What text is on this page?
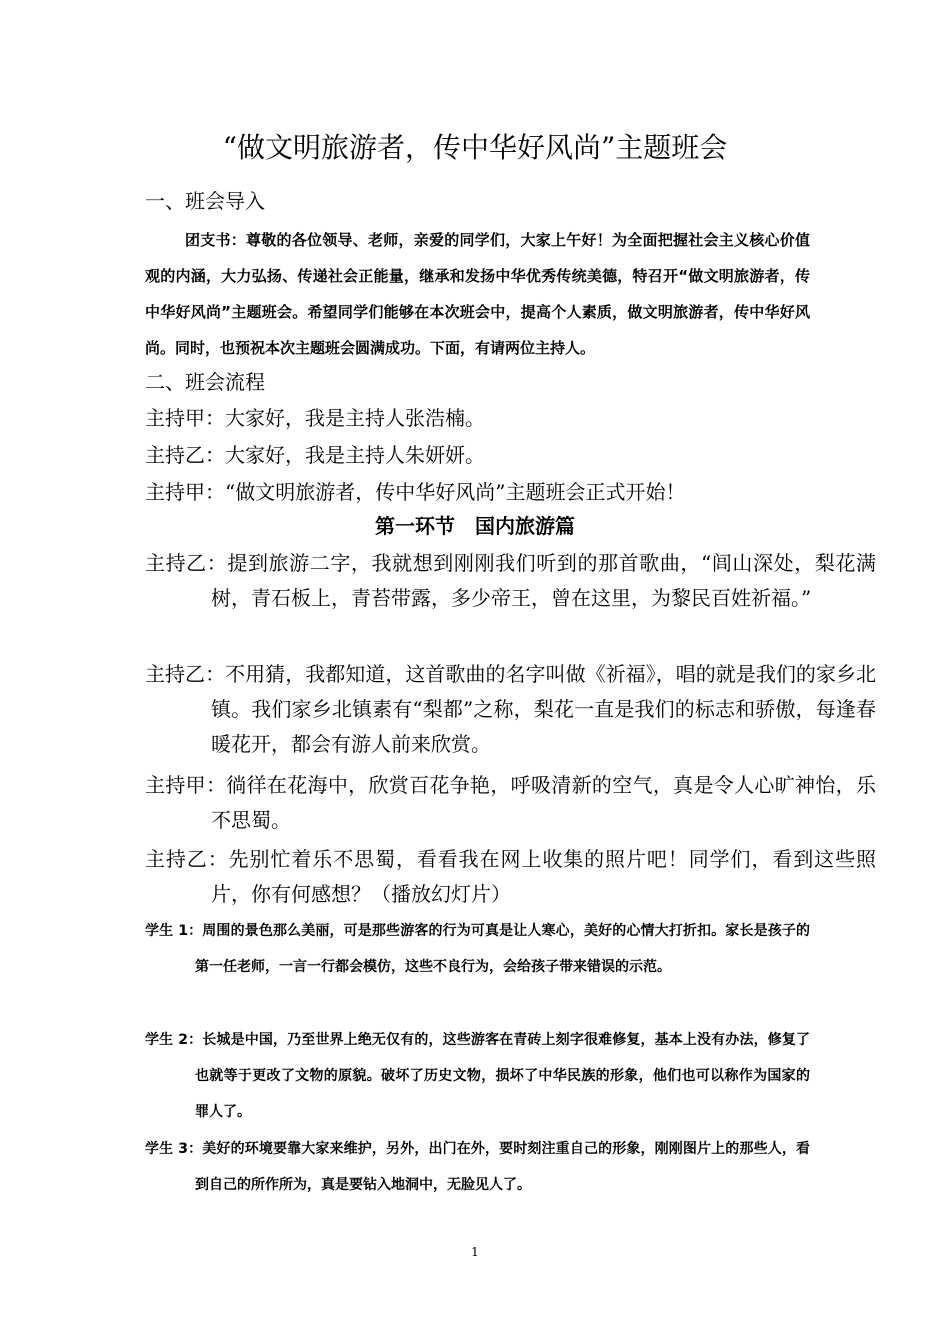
“做文明旅游者，传中华好风尚”主题班会
一、班会导入
团支书：尊敬的各位领导、老师，亲爱的同学们，大家上午好！为全面把握社会主义核心价值观的内涵，大力弘扬、传递社会正能量，继承和发扬中华优秀传统美德，特召开“做文明旅游者，传中华好风尚”主题班会。希望同学们能够在本次班会中，提高个人素质，做文明旅游者，传中华好风尚。同时，也预祝本次主题班会圆满成功。下面，有请两位主持人。
二、班会流程
主持甲：大家好，我是主持人张浩楠。
主持乙：大家好，我是主持人朱妍妍。
主持甲：“做文明旅游者，传中华好风尚”主题班会正式开始！
第一环节　国内旅游篇
主持乙：提到旅游二字，我就想到刚刚我们听到的那首歌曲，“闾山深处，梨花满树，青石板上，青苔带露，多少帝王，曾在这里，为黎民百姓祈福。”
主持乙：不用猜，我都知道，这首歌曲的名字叫做《祈福》，唱的就是我们的家乡北镇。我们家乡北镇素有“梨都”之称，梨花一直是我们的标志和骄傲，每逢春暖花开，都会有游人前来欣赏。
主持甲：徜徉在花海中，欣赏百花争艳，呼吸清新的空气，真是令人心旷神怡，乐不思蜀。
主持乙：先别忙着乐不思蜀，看看我在网上收集的照片吧！同学们，看到这些照片，你有何感想？（播放幻灯片）
学生 1：周围的景色那么美丽，可是那些游客的行为可真是让人寒心，美好的心情大打折扣。家长是孩子的第一任老师，一言一行都会模仿，这些不良行为，会给孩子带来错误的示范。
学生 2：长城是中国，乃至世界上绝无仅有的，这些游客在青砖上刻字很难修复，基本上没有办法，修复了也就等于更改了文物的原貌。破坏了历史文物，损坏了中华民族的形象，他们也可以称作为国家的罪人了。
学生 3：美好的环境要靠大家来维护，另外，出门在外，要时刻注重自己的形象，刚刚图片上的那些人，看到自己的所作所为，真是要钻入地洞中，无脸见人了。
1
